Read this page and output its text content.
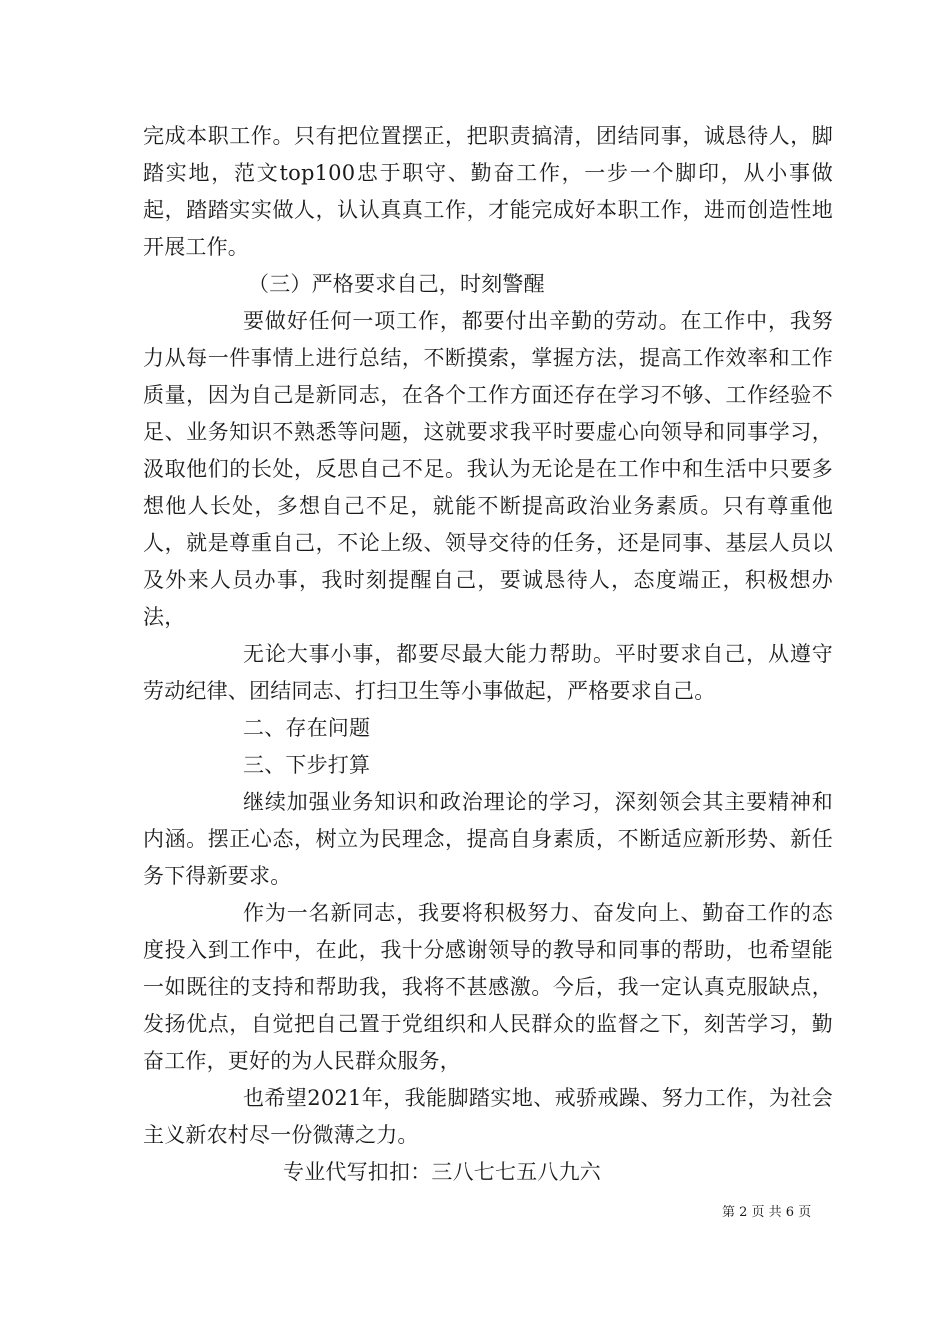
完成本职工作。只有把位置摆正，把职责搞清，团结同事，诚恳待人，脚踏实地，范文top100忠于职守、勤奋工作，一步一个脚印，从小事做起，踏踏实实做人，认认真真工作，才能完成好本职工作，进而创造性地开展工作。

（三）严格要求自己，时刻警醒

要做好任何一项工作，都要付出辛勤的劳动。在工作中，我努力从每一件事情上进行总结，不断摸索，掌握方法，提高工作效率和工作质量，因为自己是新同志，在各个工作方面还存在学习不够、工作经验不足、业务知识不熟悉等问题，这就要求我平时要虚心向领导和同事学习，汲取他们的长处，反思自己不足。我认为无论是在工作中和生活中只要多想他人长处，多想自己不足，就能不断提高政治业务素质。只有尊重他人，就是尊重自己，不论上级、领导交待的任务，还是同事、基层人员以及外来人员办事，我时刻提醒自己，要诚恳待人，态度端正，积极想办法，

无论大事小事，都要尽最大能力帮助。平时要求自己，从遵守劳动纪律、团结同志、打扫卫生等小事做起，严格要求自己。

二、存在问题

三、下步打算

继续加强业务知识和政治理论的学习，深刻领会其主要精神和内涵。摆正心态，树立为民理念，提高自身素质，不断适应新形势、新任务下得新要求。

作为一名新同志，我要将积极努力、奋发向上、勤奋工作的态度投入到工作中，在此，我十分感谢领导的教导和同事的帮助，也希望能一如既往的支持和帮助我，我将不甚感激。今后，我一定认真克服缺点，发扬优点，自觉把自己置于党组织和人民群众的监督之下，刻苦学习，勤奋工作，更好的为人民群众服务，

也希望2021年，我能脚踏实地、戒骄戒躁、努力工作，为社会主义新农村尽一份微薄之力。

专业代写扣扣：三八七七五八九六

第 2 页 共 6 页
